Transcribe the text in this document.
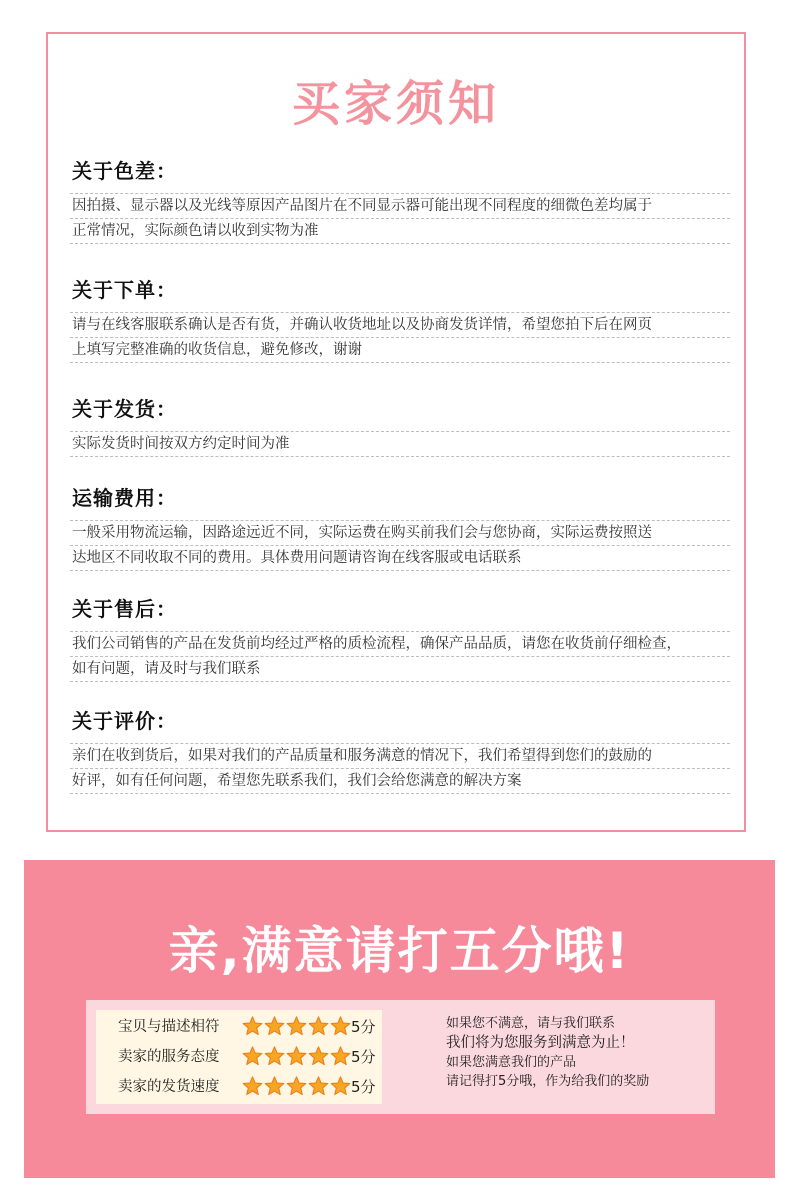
买家须知
关于色差：
因拍摄、显示器以及光线等原因产品图片在不同显示器可能出现不同程度的细微色差均属于
正常情况，实际颜色请以收到实物为准
关于下单：
请与在线客服联系确认是否有货，并确认收货地址以及协商发货详情，希望您拍下后在网页
上填写完整准确的收货信息，避免修改，谢谢
关于发货：
实际发货时间按双方约定时间为准
运输费用：
一般采用物流运输，因路途远近不同，实际运费在购买前我们会与您协商，实际运费按照送
达地区不同收取不同的费用。具体费用问题请咨询在线客服或电话联系
关于售后：
我们公司销售的产品在发货前均经过严格的质检流程，确保产品品质，请您在收货前仔细检查，
如有问题，请及时与我们联系
关于评价：
亲们在收到货后，如果对我们的产品质量和服务满意的情况下，我们希望得到您们的鼓励的
好评，如有任何问题，希望您先联系我们，我们会给您满意的解决方案
亲,满意请打五分哦!
宝贝与描述相符	5分
卖家的服务态度	5分
卖家的发货速度	5分
如果您不满意，请与我们联系
我们将为您服务到满意为止！
如果您满意我们的产品
请记得打5分哦，作为给我们的奖励
